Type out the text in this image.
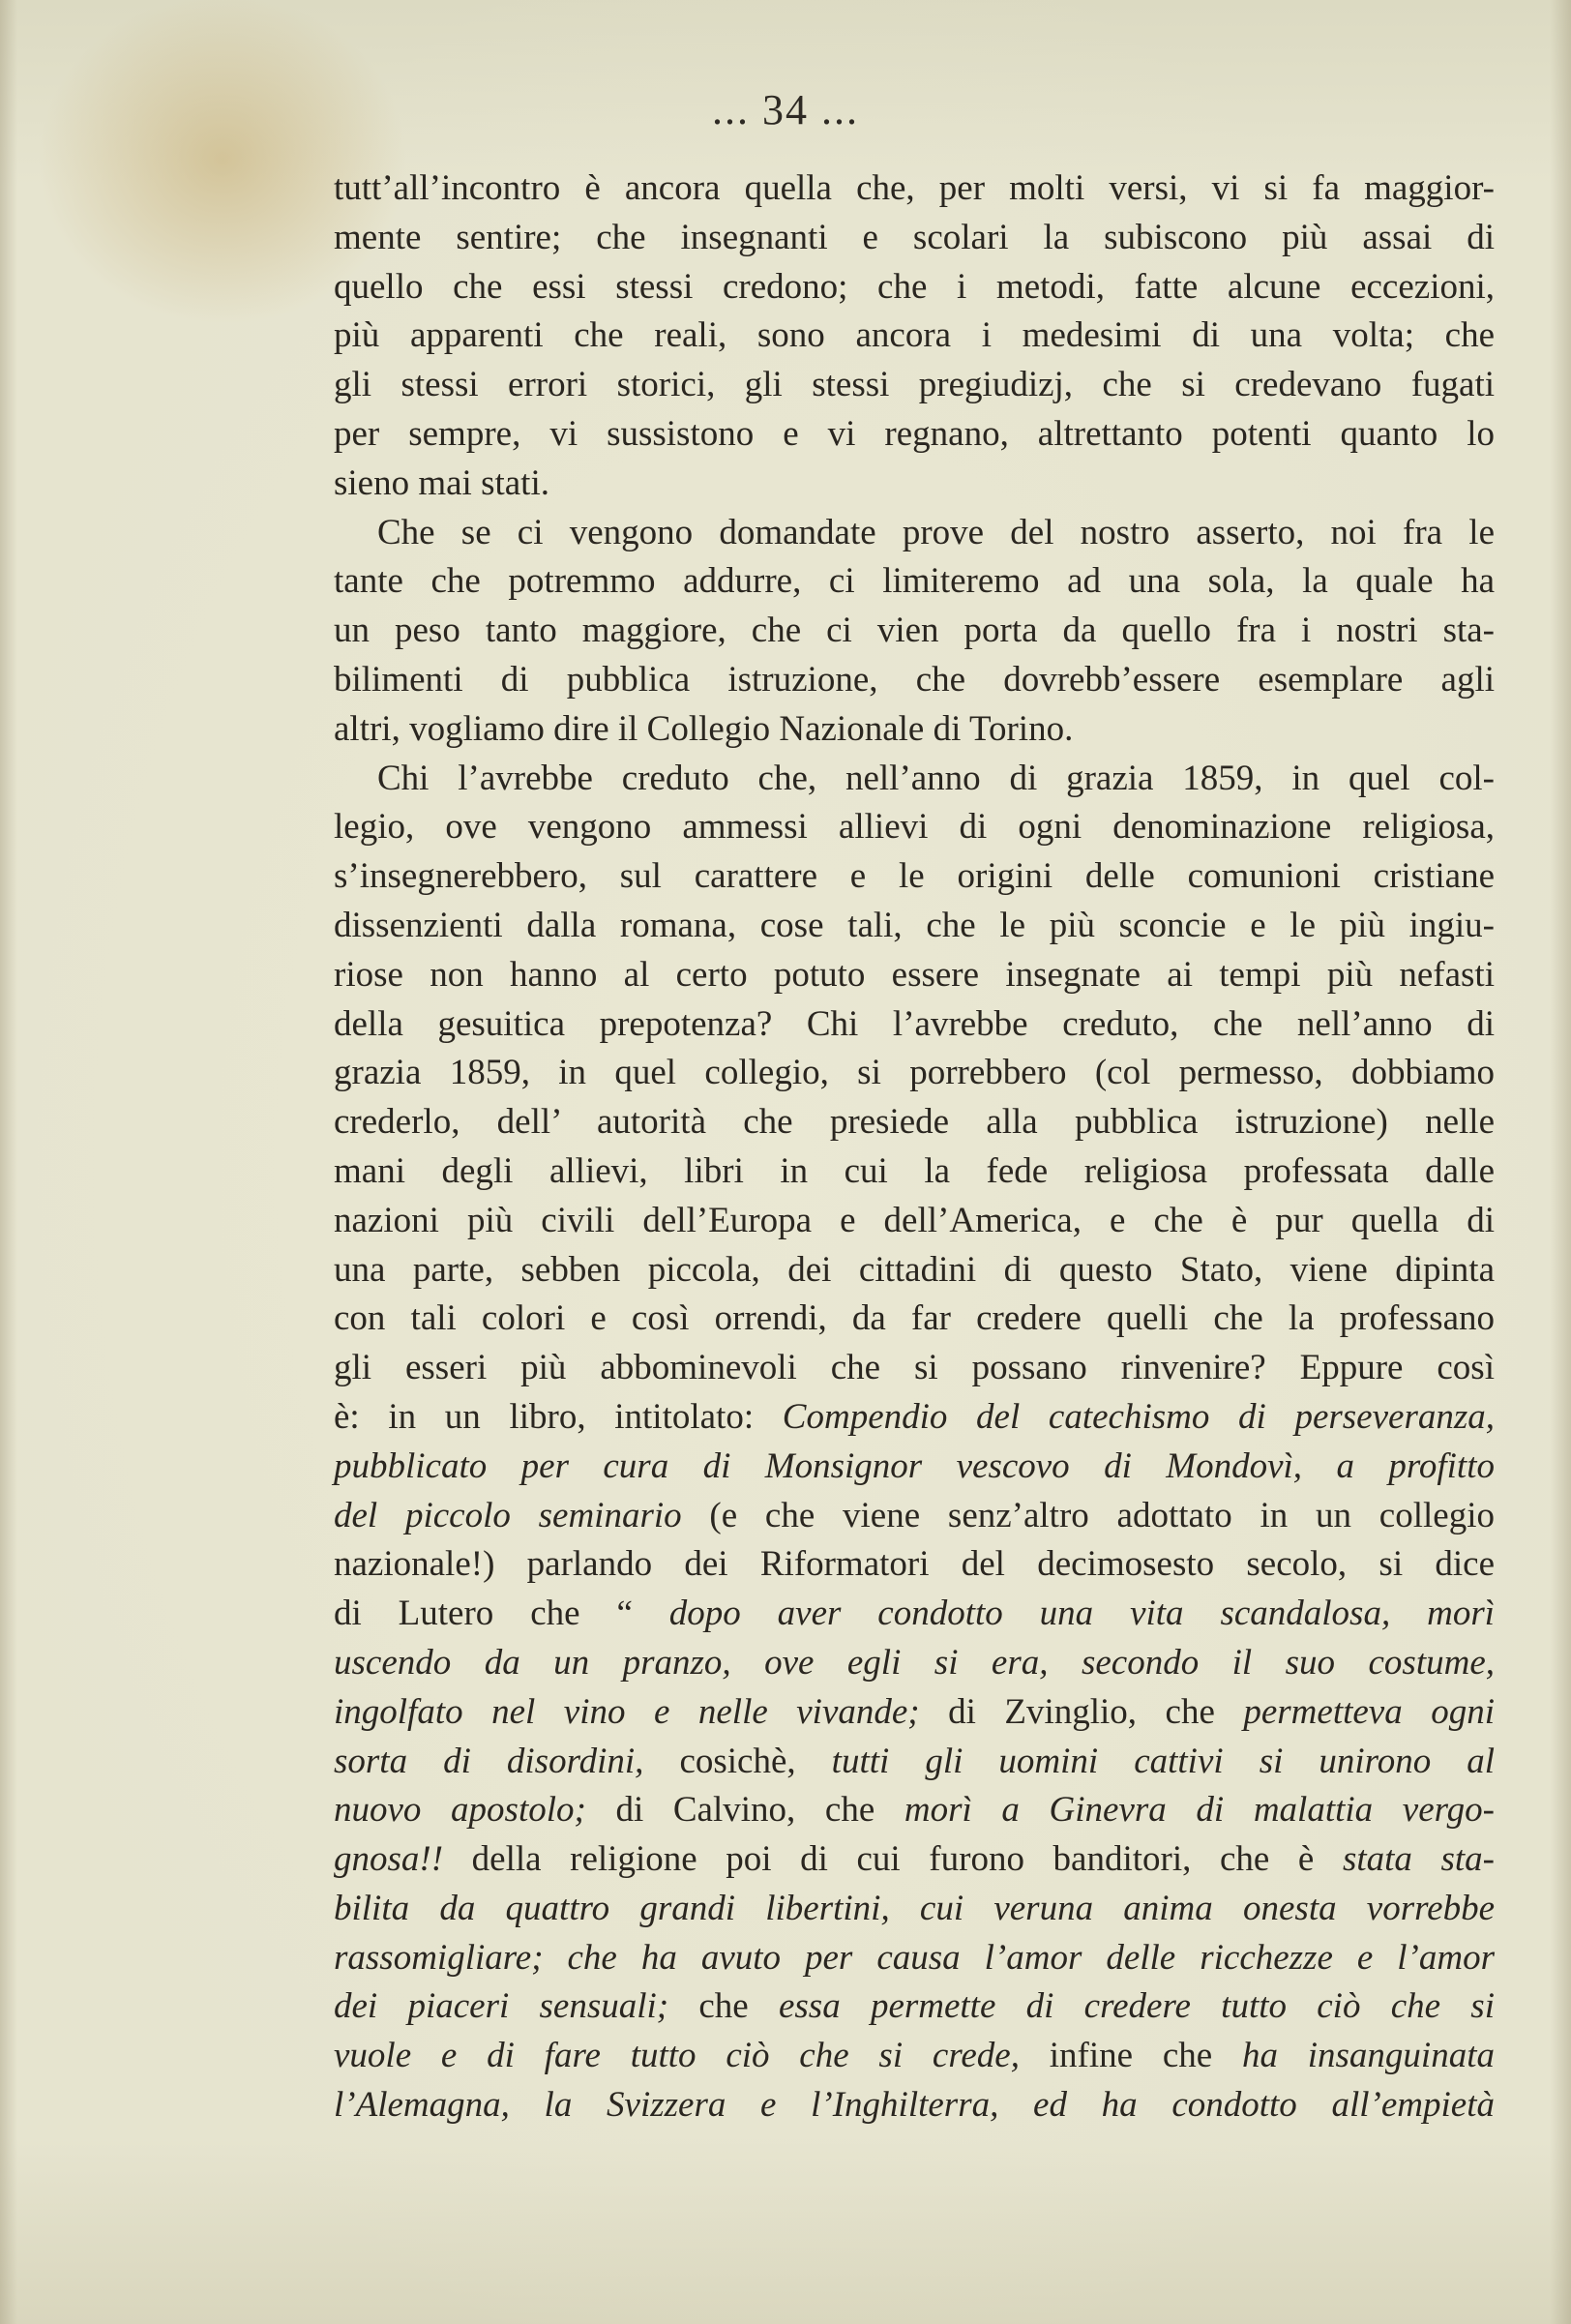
... 34 ...
tutt’all’incontro è ancora quella che, per molti versi, vi si fa maggior-
mente sentire; che insegnanti e scolari la subiscono più assai di
quello che essi stessi credono; che i metodi, fatte alcune eccezioni,
più apparenti che reali, sono ancora i medesimi di una volta; che
gli stessi errori storici, gli stessi pregiudizj, che si credevano fugati
per sempre, vi sussistono e vi regnano, altrettanto potenti quanto lo
sieno mai stati.
Che se ci vengono domandate prove del nostro asserto, noi fra le
tante che potremmo addurre, ci limiteremo ad una sola, la quale ha
un peso tanto maggiore, che ci vien porta da quello fra i nostri sta-
bilimenti di pubblica istruzione, che dovrebb’essere esemplare agli
altri, vogliamo dire il Collegio Nazionale di Torino.
Chi l’avrebbe creduto che, nell’anno di grazia 1859, in quel col-
legio, ove vengono ammessi allievi di ogni denominazione religiosa,
s’insegnerebbero, sul carattere e le origini delle comunioni cristiane
dissenzienti dalla romana, cose tali, che le più sconcie e le più ingiu-
riose non hanno al certo potuto essere insegnate ai tempi più nefasti
della gesuitica prepotenza? Chi l’avrebbe creduto, che nell’anno di
grazia 1859, in quel collegio, si porrebbero (col permesso, dobbiamo
crederlo, dell’ autorità che presiede alla pubblica istruzione) nelle
mani degli allievi, libri in cui la fede religiosa professata dalle
nazioni più civili dell’Europa e dell’America, e che è pur quella di
una parte, sebben piccola, dei cittadini di questo Stato, viene dipinta
con tali colori e così orrendi, da far credere quelli che la professano
gli esseri più abbominevoli che si possano rinvenire? Eppure così
è: in un libro, intitolato: Compendio del catechismo di perseveranza,
pubblicato per cura di Monsignor vescovo di Mondovì, a profitto
del piccolo seminario (e che viene senz’altro adottato in un collegio
nazionale!) parlando dei Riformatori del decimosesto secolo, si dice
di Lutero che “ dopo aver condotto una vita scandalosa, morì
uscendo da un pranzo, ove egli si era, secondo il suo costume,
ingolfato nel vino e nelle vivande; di Zvinglio, che permetteva ogni
sorta di disordini, cosichè, tutti gli uomini cattivi si unirono al
nuovo apostolo; di Calvino, che morì a Ginevra di malattia vergo-
gnosa!! della religione poi di cui furono banditori, che è stata sta-
bilita da quattro grandi libertini, cui veruna anima onesta vorrebbe
rassomigliare; che ha avuto per causa l’amor delle ricchezze e l’amor
dei piaceri sensuali; che essa permette di credere tutto ciò che si
vuole e di fare tutto ciò che si crede, infine che ha insanguinata
l’Alemagna, la Svizzera e l’Inghilterra, ed ha condotto all’empietà
